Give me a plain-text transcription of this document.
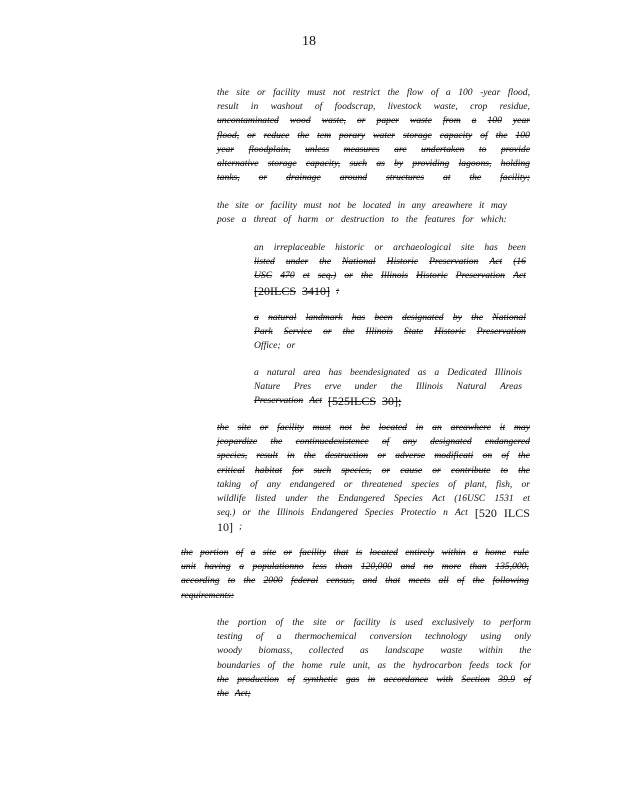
18
the site or facility must not restrict the flow of a 100 -year flood,
result in washout of foodscrap, livestock waste, crop residue,
uncontaminated wood waste, or paper waste from a 100 year
flood, or reduce the tem porary water storage capacity of the 100
year floodplain, unless measures are undertaken to provide
alternative storage capacity, such as by providing lagoons, holding
tanks, or drainage around structures at the facility;
the site or facility must not be located in any areawhere it may
pose a threat of harm or destruction to the features for which:
an irreplaceable historic or archaeological site has been
listed under the National Historic Preservation Act (16
USC 470 et seq.) or the Illinois Historic Preservation Act
[20ILCS 3410] ;
a natural landmark has been designated by the National
Park Service or the Illinois State Historic Preservation
Office; or
a natural area has beendesignated as a Dedicated Illinois
Nature Pres erve under the Illinois Natural Areas
Preservation Act [525ILCS 30];
the site or facility must not be located in an areawhere it may
jeopardize the continuedexistence of any designated endangered
species, result in the destruction or adverse modificati on of the
critical habitat for such species, or cause or contribute to the
taking of any endangered or threatened species of plant, fish, or
wildlife listed under the Endangered Species Act (16USC 1531 et
seq.) or the Illinois Endangered Species Protectio n Act [520 ILCS
10] ;
the portion of a site or facility that is located entirely within a home rule
unit having a populationno less than 120,000 and no more than 135,000,
according to the 2000 federal census, and that meets all of the following
requirements:
the portion of the site or facility is used exclusively to perform
testing of a thermochemical conversion technology using only
woody biomass, collected as landscape waste within the
boundaries of the home rule unit, as the hydrocarbon feeds tock for
the production of synthetic gas in accordance with Section 39.9 of
the Act;
